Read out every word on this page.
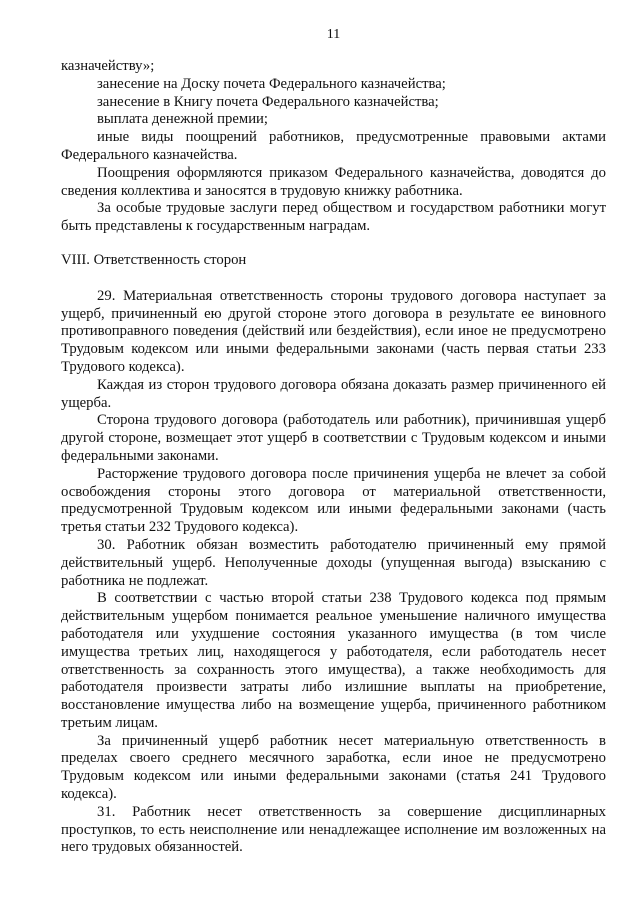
11

казначейству»;

занесение на Доску почета Федерального казначейства;

занесение в Книгу почета Федерального казначейства;

выплата денежной премии;

иные виды поощрений работников, предусмотренные правовыми актами Федерального казначейства.

Поощрения оформляются приказом Федерального казначейства, доводятся до сведения коллектива и заносятся в трудовую книжку работника.

За особые трудовые заслуги перед обществом и государством работники могут быть представлены к государственным наградам.

VIII. Ответственность сторон

29. Материальная ответственность стороны трудового договора наступает за ущерб, причиненный ею другой стороне этого договора в результате ее виновного противоправного поведения (действий или бездействия), если иное не предусмотрено Трудовым кодексом или иными федеральными законами (часть первая статьи 233 Трудового кодекса).

Каждая из сторон трудового договора обязана доказать размер причиненного ей ущерба.

Сторона трудового договора (работодатель или работник), причинившая ущерб другой стороне, возмещает этот ущерб в соответствии с Трудовым кодексом и иными федеральными законами.

Расторжение трудового договора после причинения ущерба не влечет за собой освобождения стороны этого договора от материальной ответственности, предусмотренной Трудовым кодексом или иными федеральными законами (часть третья статьи 232 Трудового кодекса).

30. Работник обязан возместить работодателю причиненный ему прямой действительный ущерб. Неполученные доходы (упущенная выгода) взысканию с работника не подлежат.

В соответствии с частью второй статьи 238 Трудового кодекса под прямым действительным ущербом понимается реальное уменьшение наличного имущества работодателя или ухудшение состояния указанного имущества (в том числе имущества третьих лиц, находящегося у работодателя, если работодатель несет ответственность за сохранность этого имущества), а также необходимость для работодателя произвести затраты либо излишние выплаты на приобретение, восстановление имущества либо на возмещение ущерба, причиненного работником третьим лицам.

За причиненный ущерб работник несет материальную ответственность в пределах своего среднего месячного заработка, если иное не предусмотрено Трудовым кодексом или иными федеральными законами (статья 241 Трудового кодекса).

31. Работник несет ответственность за совершение дисциплинарных проступков, то есть неисполнение или ненадлежащее исполнение им возложенных на него трудовых обязанностей.
